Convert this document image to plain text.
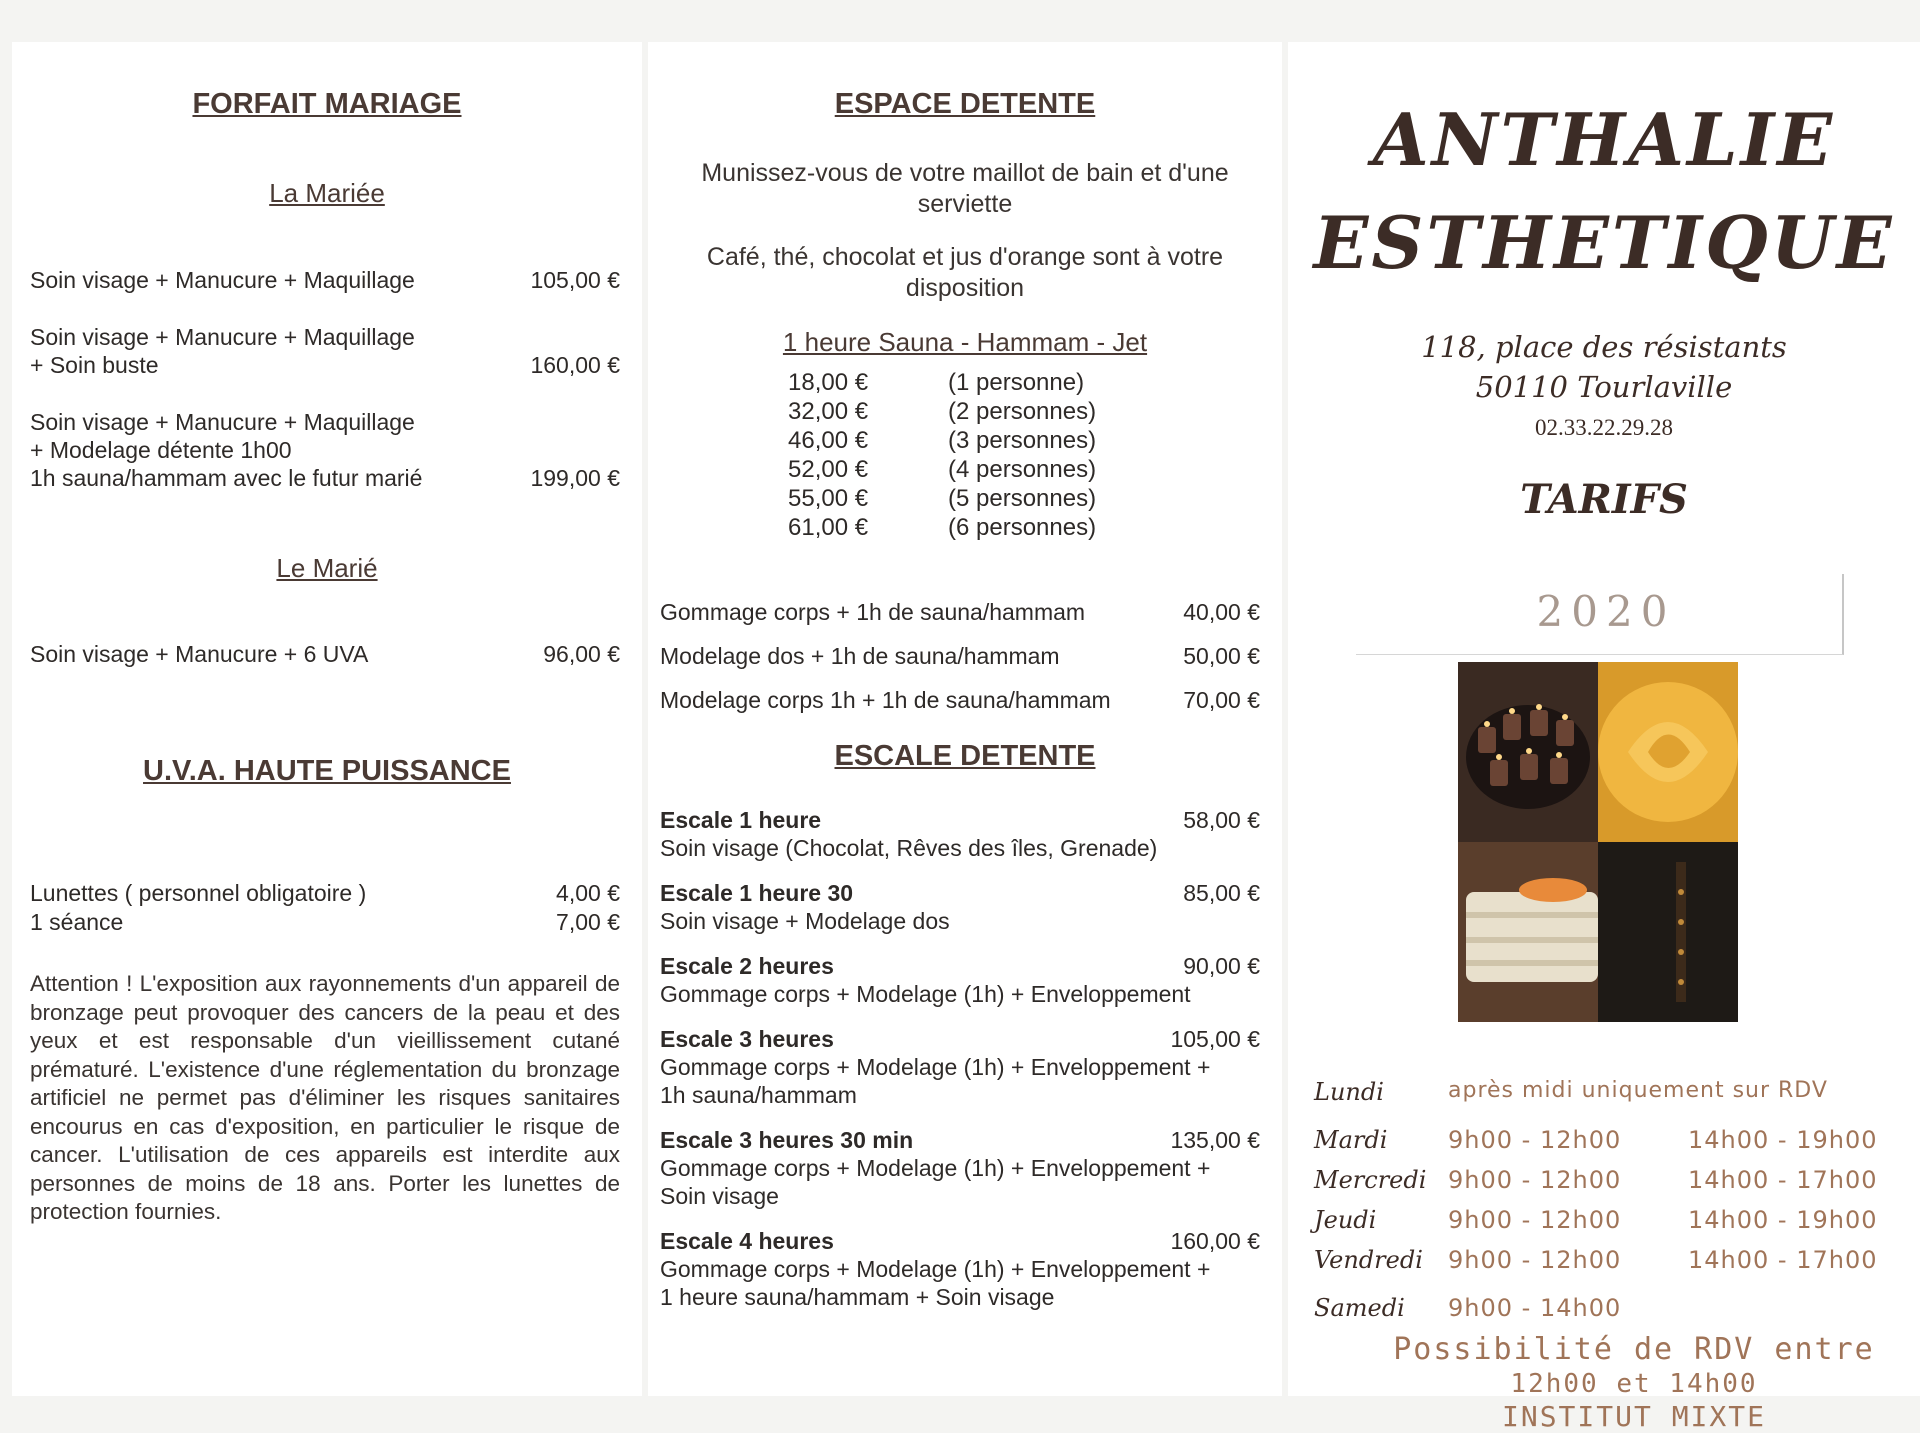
FORFAIT MARIAGE
La Mariée
Soin visage + Manucure + Maquillage	105,00 €
Soin visage + Manucure + Maquillage
+ Soin buste	160,00 €
Soin visage + Manucure + Maquillage
+ Modelage détente 1h00
1h sauna/hammam avec le futur marié	199,00 €
Le Marié
Soin visage + Manucure + 6 UVA	96,00 €
U.V.A. HAUTE PUISSANCE
Lunettes ( personnel obligatoire )	4,00 €
1 séance	7,00 €
Attention ! L'exposition aux rayonnements d'un appareil de bronzage peut provoquer des cancers de la peau et des yeux et est responsable d'un vieillissement cutané prématuré. L'existence d'une réglementation du bronzage artificiel ne permet pas d'éliminer les risques sanitaires encourus en cas d'exposition, en particulier le risque de cancer. L'utilisation de ces appareils est interdite aux personnes de moins de 18 ans. Porter les lunettes de protection fournies.
ESPACE DETENTE
Munissez-vous de votre maillot de bain et d'une serviette
Café, thé, chocolat et jus d'orange sont à votre disposition
1 heure Sauna - Hammam - Jet
18,00 €	(1 personne)
32,00 €	(2 personnes)
46,00 €	(3 personnes)
52,00 €	(4 personnes)
55,00 €	(5 personnes)
61,00 €	(6 personnes)
Gommage corps + 1h de sauna/hammam	40,00 €
Modelage dos + 1h de sauna/hammam	50,00 €
Modelage corps 1h + 1h de sauna/hammam	70,00 €
ESCALE DETENTE
Escale 1 heure	58,00 €
Soin visage (Chocolat, Rêves des îles, Grenade)
Escale 1 heure 30	85,00 €
Soin visage + Modelage dos
Escale 2 heures	90,00 €
Gommage corps + Modelage (1h) + Enveloppement
Escale 3 heures	105,00 €
Gommage corps + Modelage (1h) + Enveloppement +
1h sauna/hammam
Escale 3 heures 30 min	135,00 €
Gommage corps + Modelage (1h) + Enveloppement +
Soin visage
Escale 4 heures	160,00 €
Gommage corps + Modelage (1h) + Enveloppement +
1 heure sauna/hammam + Soin visage
ANTHALIE
ESTHETIQUE
118, place des résistants
50110 Tourlaville
02.33.22.29.28
TARIFS
2020
Lundi	après midi uniquement sur RDV
Mardi	9h00 - 12h00	14h00 - 19h00
Mercredi 9h00 - 12h00	14h00 - 17h00
Jeudi	9h00 - 12h00	14h00 - 19h00
Vendredi 9h00 - 12h00	14h00 - 17h00
Samedi 9h00 - 14h00
Possibilité de RDV entre
12h00 et 14h00
INSTITUT MIXTE
